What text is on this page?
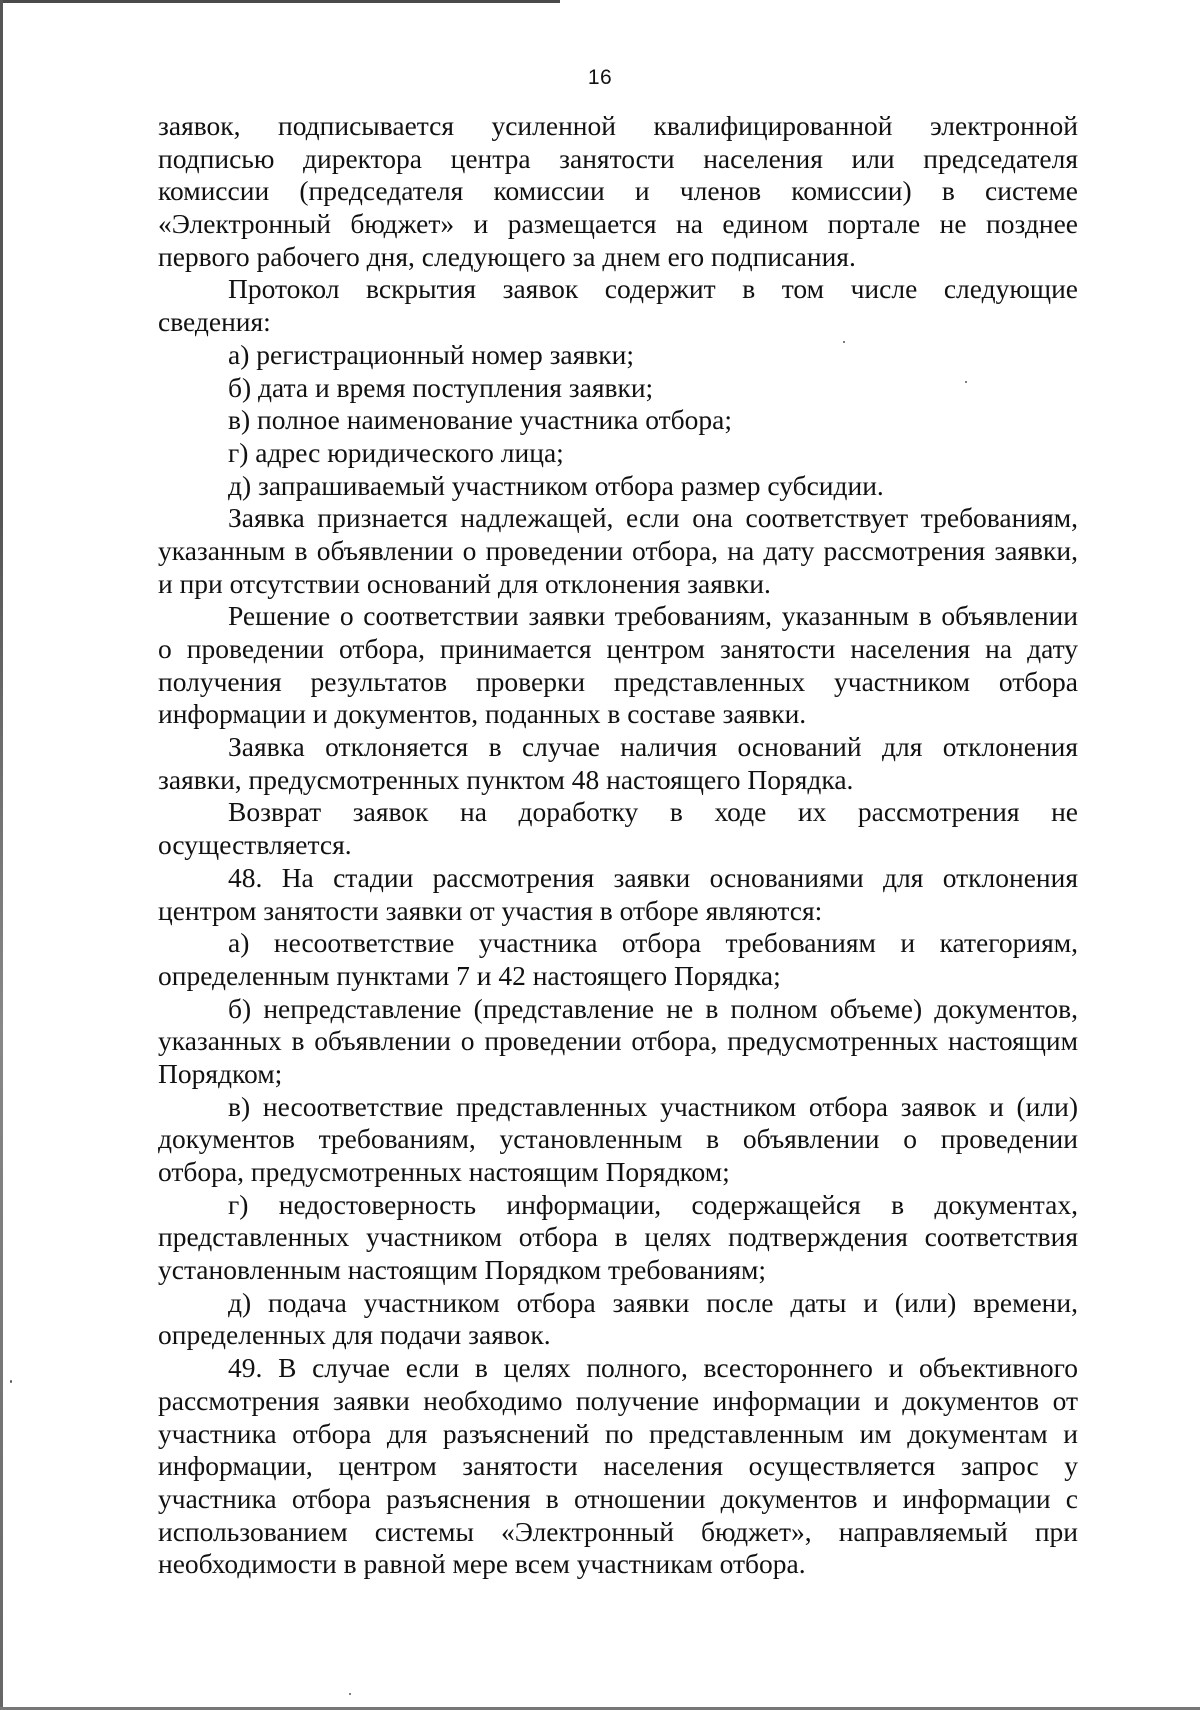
16
заявок, подписывается усиленной квалифицированной электронной
подписью директора центра занятости населения или председателя
комиссии (председателя комиссии и членов комиссии) в системе
«Электронный бюджет» и размещается на едином портале не позднее
первого рабочего дня, следующего за днем его подписания.
Протокол вскрытия заявок содержит в том числе следующие
сведения:
а) регистрационный номер заявки;
б) дата и время поступления заявки;
в) полное наименование участника отбора;
г) адрес юридического лица;
д) запрашиваемый участником отбора размер субсидии.
Заявка признается надлежащей, если она соответствует требованиям,
указанным в объявлении о проведении отбора, на дату рассмотрения заявки,
и при отсутствии оснований для отклонения заявки.
Решение о соответствии заявки требованиям, указанным в объявлении
о проведении отбора, принимается центром занятости населения на дату
получения результатов проверки представленных участником отбора
информации и документов, поданных в составе заявки.
Заявка отклоняется в случае наличия оснований для отклонения
заявки, предусмотренных пунктом 48 настоящего Порядка.
Возврат заявок на доработку в ходе их рассмотрения не
осуществляется.
48. На стадии рассмотрения заявки основаниями для отклонения
центром занятости заявки от участия в отборе являются:
а) несоответствие участника отбора требованиям и категориям,
определенным пунктами 7 и 42 настоящего Порядка;
б) непредставление (представление не в полном объеме) документов,
указанных в объявлении о проведении отбора, предусмотренных настоящим
Порядком;
в) несоответствие представленных участником отбора заявок и (или)
документов требованиям, установленным в объявлении о проведении
отбора, предусмотренных настоящим Порядком;
г) недостоверность информации, содержащейся в документах,
представленных участником отбора в целях подтверждения соответствия
установленным настоящим Порядком требованиям;
д) подача участником отбора заявки после даты и (или) времени,
определенных для подачи заявок.
49. В случае если в целях полного, всестороннего и объективного
рассмотрения заявки необходимо получение информации и документов от
участника отбора для разъяснений по представленным им документам и
информации, центром занятости населения осуществляется запрос у
участника отбора разъяснения в отношении документов и информации с
использованием системы «Электронный бюджет», направляемый при
необходимости в равной мере всем участникам отбора.
